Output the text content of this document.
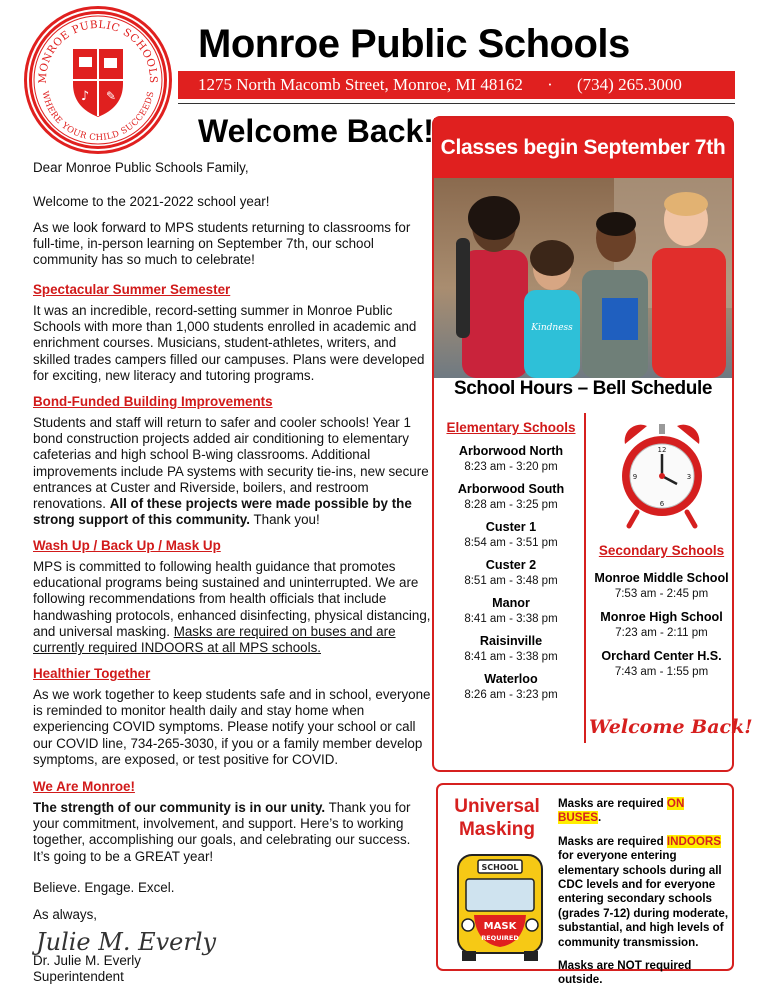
MONROE PUBLIC SCHOOLS
WHERE YOUR CHILD SUCCEEDS
♪ ✎
Monroe Public Schools
1275 North Macomb Street, Monroe, MI 48162 · (734) 265.3000
Welcome Back!
Dear Monroe Public Schools Family,
Welcome to the 2021-2022 school year!
As we look forward to MPS students returning to classrooms for full-time, in-person learning on September 7th, our school community has so much to celebrate!
Spectacular Summer Semester
It was an incredible, record-setting summer in Monroe Public Schools with more than 1,000 students enrolled in academic and enrichment courses. Musicians, student-athletes, writers, and skilled trades campers filled our campuses. Plans were developed for exciting, new literacy and tutoring programs.
Bond-Funded Building Improvements
Students and staff will return to safer and cooler schools! Year 1 bond construction projects added air conditioning to elementary cafeterias and high school B-wing classrooms. Additional improvements include PA systems with security tie-ins, new secure entrances at Custer and Riverside, boilers, and restroom renovations. All of these projects were made possible by the strong support of this community. Thank you!
Wash Up / Back Up / Mask Up
MPS is committed to following health guidance that promotes educational programs being sustained and uninterrupted. We are following recommendations from health officials that include handwashing protocols, enhanced disinfecting, physical distancing, and universal masking. Masks are required on buses and are currently required INDOORS at all MPS schools.
Healthier Together
As we work together to keep students safe and in school, everyone is reminded to monitor health daily and stay home when experiencing COVID symptoms. Please notify your school or call our COVID line, 734-265-3030, if you or a family member develop symptoms, are exposed, or test positive for COVID.
We Are Monroe!
The strength of our community is in our unity. Thank you for your commitment, involvement, and support. Here’s to working together, accomplishing our goals, and celebrating our success. It’s going to be a GREAT year!
Believe. Engage. Excel.
As always,
Julie M. Everly
Dr. Julie M. Everly
Superintendent
Classes begin September 7th
Kindness
School Hours – Bell Schedule
Elementary Schools
Arborwood North
8:23 am - 3:20 pm
Arborwood South
8:28 am - 3:25 pm
Custer 1
8:54 am - 3:51 pm
Custer 2
8:51 am - 3:48 pm
Manor
8:41 am - 3:38 pm
Raisinville
8:41 am - 3:38 pm
Waterloo
8:26 am - 3:23 pm
12
3
6
9
Secondary Schools
Monroe Middle School
7:53 am - 2:45 pm
Monroe High School
7:23 am - 2:11 pm
Orchard Center H.S.
7:43 am - 1:55 pm
Welcome Back!
Universal
Masking
SCHOOL
MASK
REQUIRED

Masks are required ON BUSES.

Masks are required INDOORS for everyone entering elementary schools during all CDC levels and for everyone entering secondary schools (grades 7-12) during moderate, substantial, and high levels of community transmission.

Masks are NOT required outside.
